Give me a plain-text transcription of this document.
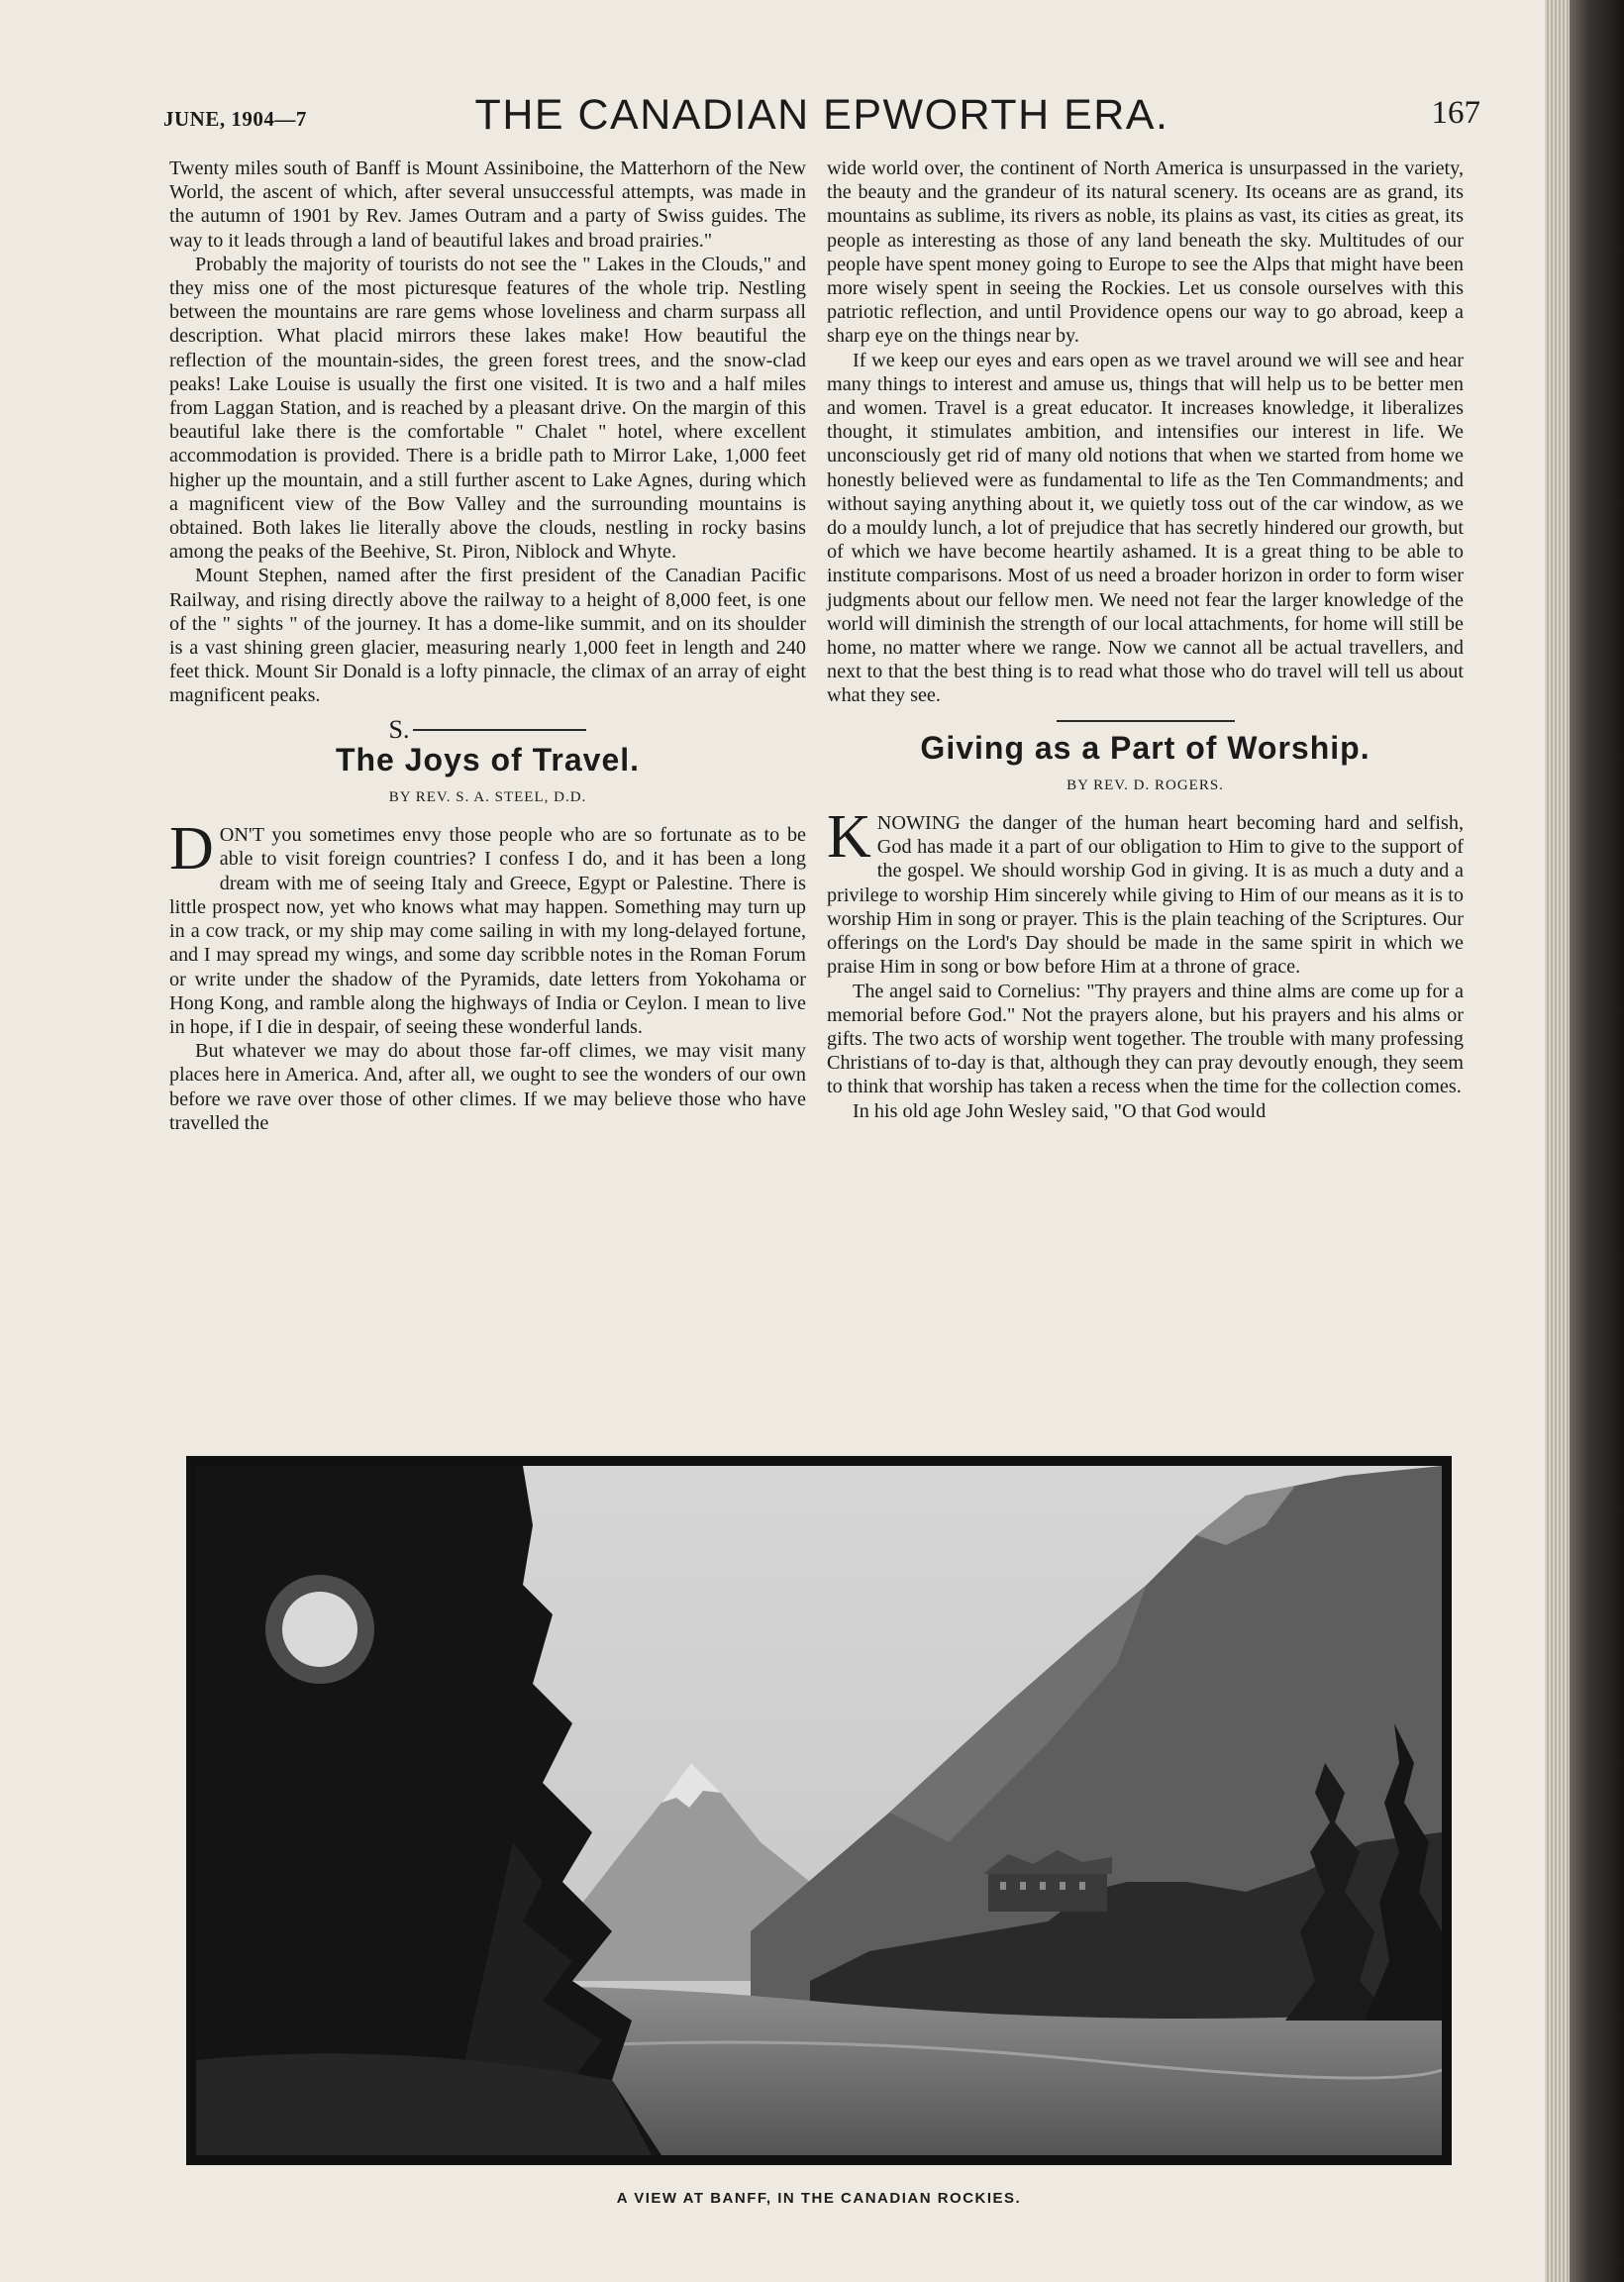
JUNE, 1904—7	THE CANADIAN EPWORTH ERA.	167

Twenty miles south of Banff is Mount Assiniboine, the Matterhorn of the New World, the ascent of which, after several unsuccessful attempts, was made in the autumn of 1901 by Rev. James Outram and a party of Swiss guides. The way to it leads through a land of beautiful lakes and broad prairies."

Probably the majority of tourists do not see the " Lakes in the Clouds," and they miss one of the most picturesque features of the whole trip. Nestling between the mountains are rare gems whose loveliness and charm surpass all description. What placid mirrors these lakes make! How beautiful the reflection of the mountain-sides, the green forest trees, and the snow-clad peaks! Lake Louise is usually the first one visited. It is two and a half miles from Laggan Station, and is reached by a pleasant drive. On the margin of this beautiful lake there is the comfortable " Chalet " hotel, where excellent accommodation is provided. There is a bridle path to Mirror Lake, 1,000 feet higher up the mountain, and a still further ascent to Lake Agnes, during which a magnificent view of the Bow Valley and the surrounding mountains is obtained. Both lakes lie literally above the clouds, nestling in rocky basins among the peaks of the Beehive, St. Piron, Niblock and Whyte.

Mount Stephen, named after the first president of the Canadian Pacific Railway, and rising directly above the railway to a height of 8,000 feet, is one of the " sights " of the journey. It has a dome-like summit, and on its shoulder is a vast shining green glacier, measuring nearly 1,000 feet in length and 240 feet thick. Mount Sir Donald is a lofty pinnacle, the climax of an array of eight magnificent peaks.

S.
The Joys of Travel.
BY REV. S. A. STEEL, D.D.

DON'T you sometimes envy those people who are so fortunate as to be able to visit foreign countries? I confess I do, and it has been a long dream with me of seeing Italy and Greece, Egypt or Palestine. There is little prospect now, yet who knows what may happen. Something may turn up in a cow track, or my ship may come sailing in with my long-delayed fortune, and I may spread my wings, and some day scribble notes in the Roman Forum or write under the shadow of the Pyramids, date letters from Yokohama or Hong Kong, and ramble along the highways of India or Ceylon. I mean to live in hope, if I die in despair, of seeing these wonderful lands.

But whatever we may do about those far-off climes, we may visit many places here in America. And, after all, we ought to see the wonders of our own before we rave over those of other climes. If we may believe those who have travelled the

wide world over, the continent of North America is unsurpassed in the variety, the beauty and the grandeur of its natural scenery. Its oceans are as grand, its mountains as sublime, its rivers as noble, its plains as vast, its cities as great, its people as interesting as those of any land beneath the sky. Multitudes of our people have spent money going to Europe to see the Alps that might have been more wisely spent in seeing the Rockies. Let us console ourselves with this patriotic reflection, and until Providence opens our way to go abroad, keep a sharp eye on the things near by.

If we keep our eyes and ears open as we travel around we will see and hear many things to interest and amuse us, things that will help us to be better men and women. Travel is a great educator. It increases knowledge, it liberalizes thought, it stimulates ambition, and intensifies our interest in life. We unconsciously get rid of many old notions that when we started from home we honestly believed were as fundamental to life as the Ten Commandments; and without saying anything about it, we quietly toss out of the car window, as we do a mouldy lunch, a lot of prejudice that has secretly hindered our growth, but of which we have become heartily ashamed. It is a great thing to be able to institute comparisons. Most of us need a broader horizon in order to form wiser judgments about our fellow men. We need not fear the larger knowledge of the world will diminish the strength of our local attachments, for home will still be home, no matter where we range. Now we cannot all be actual travellers, and next to that the best thing is to read what those who do travel will tell us about what they see.

Giving as a Part of Worship.
BY REV. D. ROGERS.

KNOWING the danger of the human heart becoming hard and selfish, God has made it a part of our obligation to Him to give to the support of the gospel. We should worship God in giving. It is as much a duty and a privilege to worship Him sincerely while giving to Him of our means as it is to worship Him in song or prayer. This is the plain teaching of the Scriptures. Our offerings on the Lord's Day should be made in the same spirit in which we praise Him in song or bow before Him at a throne of grace.

The angel said to Cornelius: "Thy prayers and thine alms are come up for a memorial before God." Not the prayers alone, but his prayers and his alms or gifts. The two acts of worship went together. The trouble with many professing Christians of to-day is that, although they can pray devoutly enough, they seem to think that worship has taken a recess when the time for the collection comes.

In his old age John Wesley said, "O that God would

A VIEW AT BANFF, IN THE CANADIAN ROCKIES.
